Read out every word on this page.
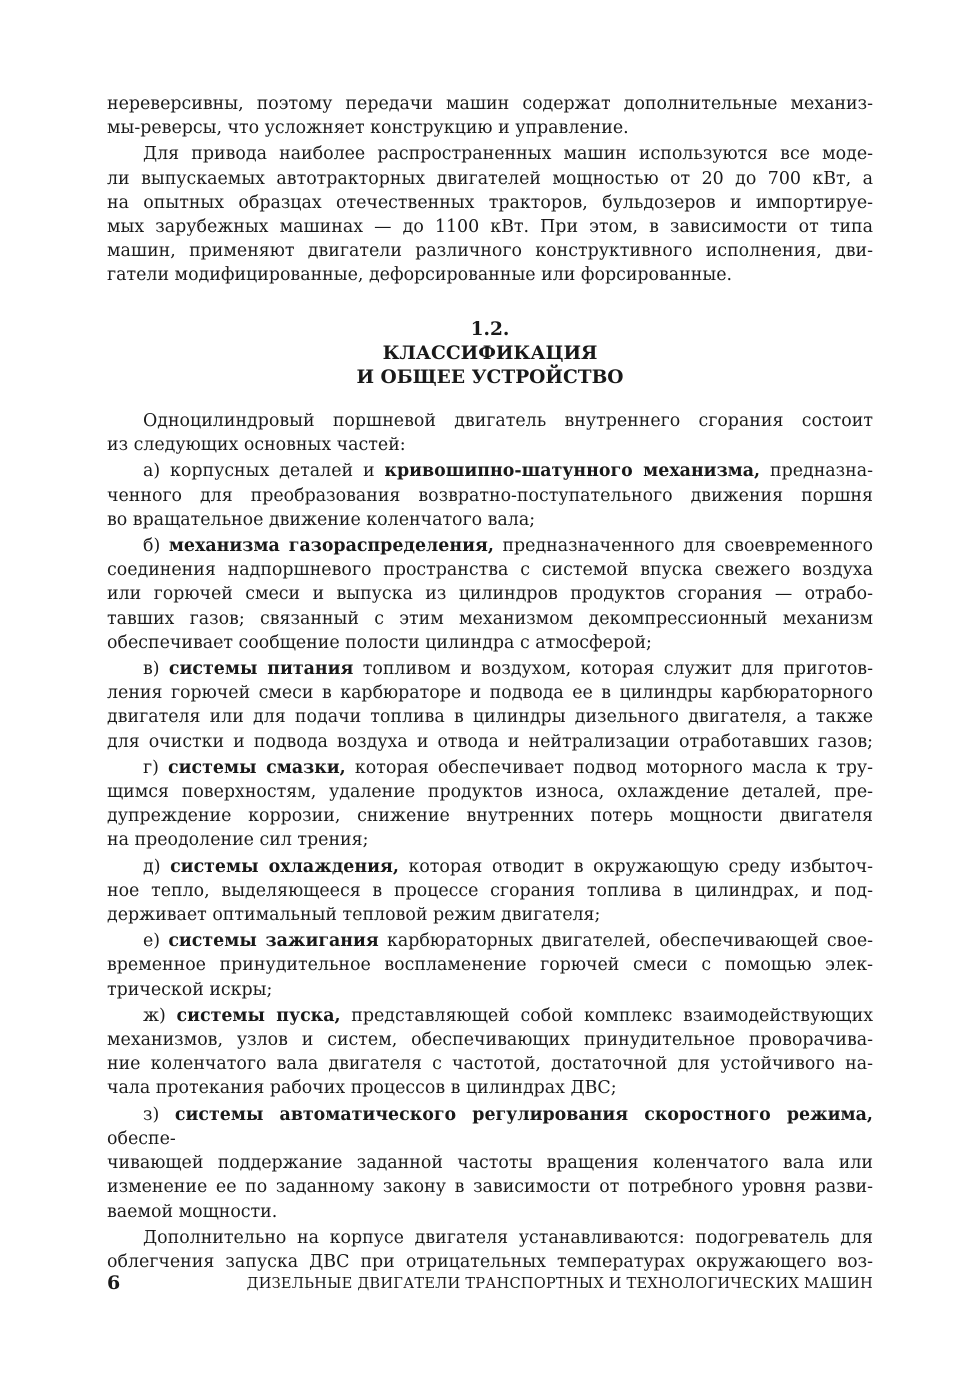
нереверсивны, поэтому передачи машин содержат дополнительные механиз-
мы-реверсы, что усложняет конструкцию и управление.
Для привода наиболее распространенных машин используются все моде-
ли выпускаемых автотракторных двигателей мощностью от 20 до 700 кВт, а
на опытных образцах отечественных тракторов, бульдозеров и импортируе-
мых зарубежных машинах — до 1100 кВт. При этом, в зависимости от типа
машин, применяют двигатели различного конструктивного исполнения, дви-
гатели модифицированные, дефорсированные или форсированные.
1.2.
КЛАССИФИКАЦИЯ
И ОБЩЕЕ УСТРОЙСТВО
Одноцилиндровый поршневой двигатель внутреннего сгорания состоит
из следующих основных частей:
а) корпусных деталей и кривошипно-шатунного механизма, предназна-
ченного для преобразования возвратно-поступательного движения поршня
во вращательное движение коленчатого вала;
б) механизма газораспределения, предназначенного для своевременного
соединения надпоршневого пространства с системой впуска свежего воздуха
или горючей смеси и выпуска из цилиндров продуктов сгорания — отрабо-
тавших газов; связанный с этим механизмом декомпрессионный механизм
обеспечивает сообщение полости цилиндра с атмосферой;
в) системы питания топливом и воздухом, которая служит для приготов-
ления горючей смеси в карбюраторе и подвода ее в цилиндры карбюраторного
двигателя или для подачи топлива в цилиндры дизельного двигателя, а также
для очистки и подвода воздуха и отвода и нейтрализации отработавших газов;
г) системы смазки, которая обеспечивает подвод моторного масла к тру-
щимся поверхностям, удаление продуктов износа, охлаждение деталей, пре-
дупреждение коррозии, снижение внутренних потерь мощности двигателя
на преодоление сил трения;
д) системы охлаждения, которая отводит в окружающую среду избыточ-
ное тепло, выделяющееся в процессе сгорания топлива в цилиндрах, и под-
держивает оптимальный тепловой режим двигателя;
е) системы зажигания карбюраторных двигателей, обеспечивающей свое-
временное принудительное воспламенение горючей смеси с помощью элек-
трической искры;
ж) системы пуска, представляющей собой комплекс взаимодействующих
механизмов, узлов и систем, обеспечивающих принудительное проворачива-
ние коленчатого вала двигателя с частотой, достаточной для устойчивого на-
чала протекания рабочих процессов в цилиндрах ДВС;
з) системы автоматического регулирования скоростного режима, обеспе-
чивающей поддержание заданной частоты вращения коленчатого вала или
изменение ее по заданному закону в зависимости от потребного уровня разви-
ваемой мощности.
Дополнительно на корпусе двигателя устанавливаются: подогреватель для
облегчения запуска ДВС при отрицательных температурах окружающего воз-
6	ДИЗЕЛЬНЫЕ ДВИГАТЕЛИ ТРАНСПОРТНЫХ И ТЕХНОЛОГИЧЕСКИХ МАШИН
